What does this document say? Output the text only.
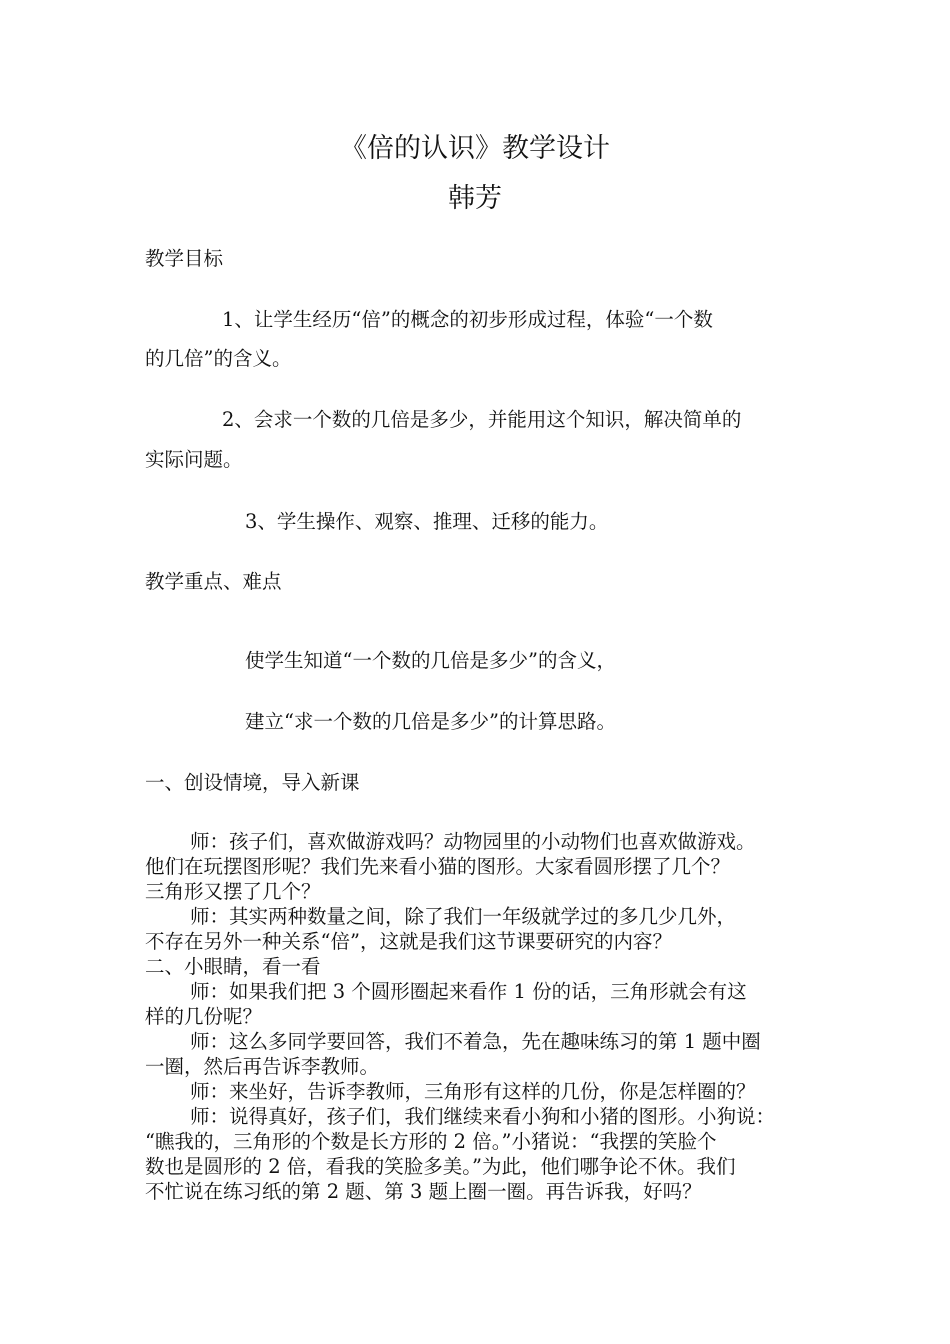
《倍的认识》教学设计
韩芳
教学目标
1、让学生经历“倍”的概念的初步形成过程，体验“一个数
的几倍”的含义。
2、会求一个数的几倍是多少，并能用这个知识，解决简单的
实际问题。
3、学生操作、观察、推理、迁移的能力。
教学重点、难点
使学生知道“一个数的几倍是多少”的含义，
建立“求一个数的几倍是多少”的计算思路。
一、创设情境，导入新课
师：孩子们，喜欢做游戏吗？动物园里的小动物们也喜欢做游戏。
他们在玩摆图形呢？我们先来看小猫的图形。大家看圆形摆了几个？
三角形又摆了几个？
师：其实两种数量之间，除了我们一年级就学过的多几少几外，
不存在另外一种关系“倍”，这就是我们这节课要研究的内容？
二、小眼睛，看一看
师：如果我们把 3 个圆形圈起来看作 1 份的话，三角形就会有这
样的几份呢？
师：这么多同学要回答，我们不着急，先在趣味练习的第 1 题中圈
一圈，然后再告诉李教师。
师：来坐好，告诉李教师，三角形有这样的几份，你是怎样圈的？
师：说得真好，孩子们，我们继续来看小狗和小猪的图形。小狗说：
“瞧我的，三角形的个数是长方形的 2 倍。”小猪说：“我摆的笑脸个
数也是圆形的 2 倍，看我的笑脸多美。”为此，他们哪争论不休。我们
不忙说在练习纸的第 2 题、第 3 题上圈一圈。再告诉我，好吗？
